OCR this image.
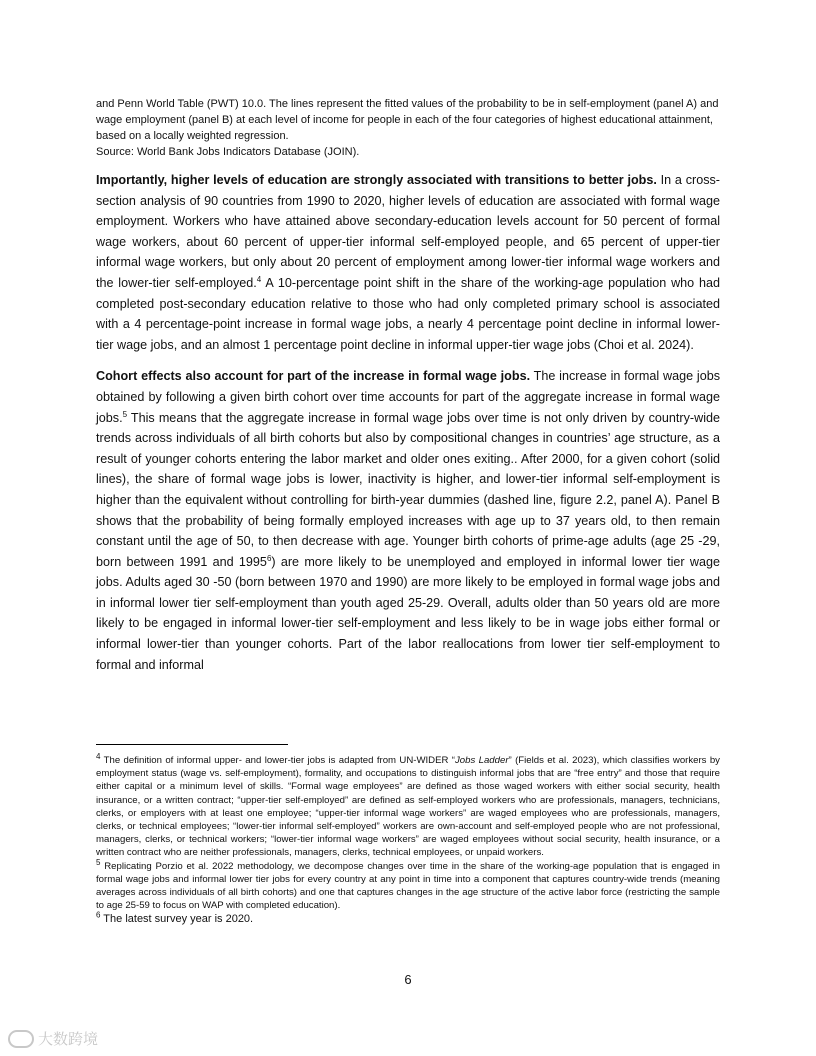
and Penn World Table (PWT) 10.0. The lines represent the fitted values of the probability to be in self-employment (panel A) and wage employment (panel B) at each level of income for people in each of the four categories of highest educational attainment, based on a locally weighted regression.

Source: World Bank Jobs Indicators Database (JOIN).

Importantly, higher levels of education are strongly associated with transitions to better jobs. In a cross-section analysis of 90 countries from 1990 to 2020, higher levels of education are associated with formal wage employment. Workers who have attained above secondary-education levels account for 50 percent of formal wage workers, about 60 percent of upper-tier informal self-employed people, and 65 percent of upper-tier informal wage workers, but only about 20 percent of employment among lower-tier informal wage workers and the lower-tier self-employed.$^4$ A 10-percentage point shift in the share of the working-age population who had completed post-secondary education relative to those who had only completed primary school is associated with a 4 percentage-point increase in formal wage jobs, a nearly 4 percentage point decline in informal lower-tier wage jobs, and an almost 1 percentage point decline in informal upper-tier wage jobs (Choi et al. 2024).

Cohort effects also account for part of the increase in formal wage jobs. The increase in formal wage jobs obtained by following a given birth cohort over time accounts for part of the aggregate increase in formal wage jobs.$^5$ This means that the aggregate increase in formal wage jobs over time is not only driven by country-wide trends across individuals of all birth cohorts but also by compositional changes in countries’ age structure, as a result of younger cohorts entering the labor market and older ones exiting.. After 2000, for a given cohort (solid lines), the share of formal wage jobs is lower, inactivity is higher, and lower-tier informal self-employment is higher than the equivalent without controlling for birth-year dummies (dashed line, figure 2.2, panel A). Panel B shows that the probability of being formally employed increases with age up to 37 years old, to then remain constant until the age of 50, to then decrease with age. Younger birth cohorts of prime-age adults (age 25 -29, born between 1991 and 1995$^6$) are more likely to be unemployed and employed in informal lower tier wage jobs. Adults aged 30 -50 (born between 1970 and 1990) are more likely to be employed in formal wage jobs and in informal lower tier self-employment than youth aged 25-29. Overall, adults older than 50 years old are more likely to be engaged in informal lower-tier self-employment and less likely to be in wage jobs either formal or informal lower-tier than younger cohorts. Part of the labor reallocations from lower tier self-employment to formal and informal

$^4$ The definition of informal upper- and lower-tier jobs is adapted from UN-WIDER “Jobs Ladder” (Fields et al. 2023), which classifies workers by employment status (wage vs. self-employment), formality, and occupations to distinguish informal jobs that are “free entry” and those that require either capital or a minimum level of skills. “Formal wage employees” are defined as those waged workers with either social security, health insurance, or a written contract; “upper-tier self-employed” are defined as self-employed workers who are professionals, managers, technicians, clerks, or employers with at least one employee; “upper-tier informal wage workers” are waged employees who are professionals, managers, clerks, or technical employees; “lower-tier informal self-employed” workers are own-account and self-employed people who are not professional, managers, clerks, or technical workers; “lower-tier informal wage workers” are waged employees without social security, health insurance, or a written contract who are neither professionals, managers, clerks, technical employees, or unpaid workers.

$^5$ Replicating Porzio et al. 2022 methodology, we decompose changes over time in the share of the working-age population that is engaged in formal wage jobs and informal lower tier jobs for every country at any point in time into a component that captures country-wide trends (meaning averages across individuals of all birth cohorts) and one that captures changes in the age structure of the active labor force (restricting the sample to age 25-59 to focus on WAP with completed education).

$^6$ The latest survey year is 2020.

6
大数跨境
